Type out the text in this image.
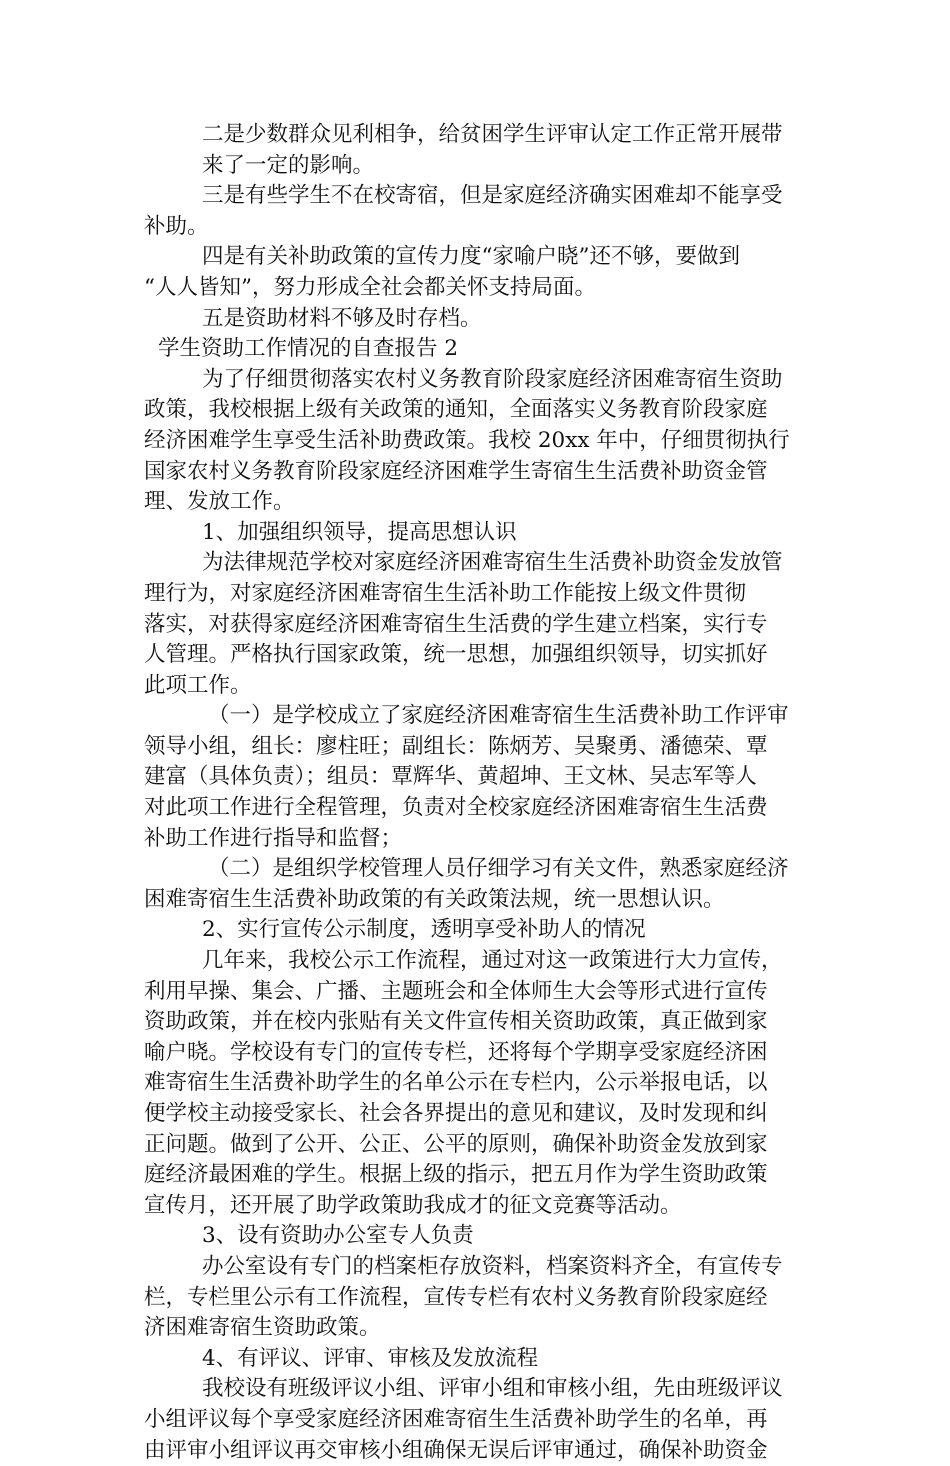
二是少数群众见利相争，给贫困学生评审认定工作正常开展带
来了一定的影响。
三是有些学生不在校寄宿，但是家庭经济确实困难却不能享受
补助。
四是有关补助政策的宣传力度“家喻户晓”还不够，要做到
“人人皆知”，努力形成全社会都关怀支持局面。
五是资助材料不够及时存档。
学生资助工作情况的自查报告 2
为了仔细贯彻落实农村义务教育阶段家庭经济困难寄宿生资助
政策，我校根据上级有关政策的通知，全面落实义务教育阶段家庭
经济困难学生享受生活补助费政策。我校 20xx 年中，仔细贯彻执行
国家农村义务教育阶段家庭经济困难学生寄宿生生活费补助资金管
理、发放工作。
1、加强组织领导，提高思想认识
为法律规范学校对家庭经济困难寄宿生生活费补助资金发放管
理行为，对家庭经济困难寄宿生生活补助工作能按上级文件贯彻
落实，对获得家庭经济困难寄宿生生活费的学生建立档案，实行专
人管理。严格执行国家政策，统一思想，加强组织领导，切实抓好
此项工作。
（一）是学校成立了家庭经济困难寄宿生生活费补助工作评审
领导小组，组长：廖柱旺；副组长：陈炳芳、吴聚勇、潘德荣、覃
建富（具体负责）；组员：覃辉华、黄超坤、王文林、吴志军等人
对此项工作进行全程管理，负责对全校家庭经济困难寄宿生生活费
补助工作进行指导和监督；
（二）是组织学校管理人员仔细学习有关文件，熟悉家庭经济
困难寄宿生生活费补助政策的有关政策法规，统一思想认识。
2、实行宣传公示制度，透明享受补助人的情况
几年来，我校公示工作流程，通过对这一政策进行大力宣传，
利用早操、集会、广播、主题班会和全体师生大会等形式进行宣传
资助政策，并在校内张贴有关文件宣传相关资助政策，真正做到家
喻户晓。学校设有专门的宣传专栏，还将每个学期享受家庭经济困
难寄宿生生活费补助学生的名单公示在专栏内，公示举报电话，以
便学校主动接受家长、社会各界提出的意见和建议，及时发现和纠
正问题。做到了公开、公正、公平的原则，确保补助资金发放到家
庭经济最困难的学生。根据上级的指示，把五月作为学生资助政策
宣传月，还开展了助学政策助我成才的征文竞赛等活动。
3、设有资助办公室专人负责
办公室设有专门的档案柜存放资料，档案资料齐全，有宣传专
栏，专栏里公示有工作流程，宣传专栏有农村义务教育阶段家庭经
济困难寄宿生资助政策。
4、有评议、评审、审核及发放流程
我校设有班级评议小组、评审小组和审核小组，先由班级评议
小组评议每个享受家庭经济困难寄宿生生活费补助学生的名单，再
由评审小组评议再交审核小组确保无误后评审通过，确保补助资金
